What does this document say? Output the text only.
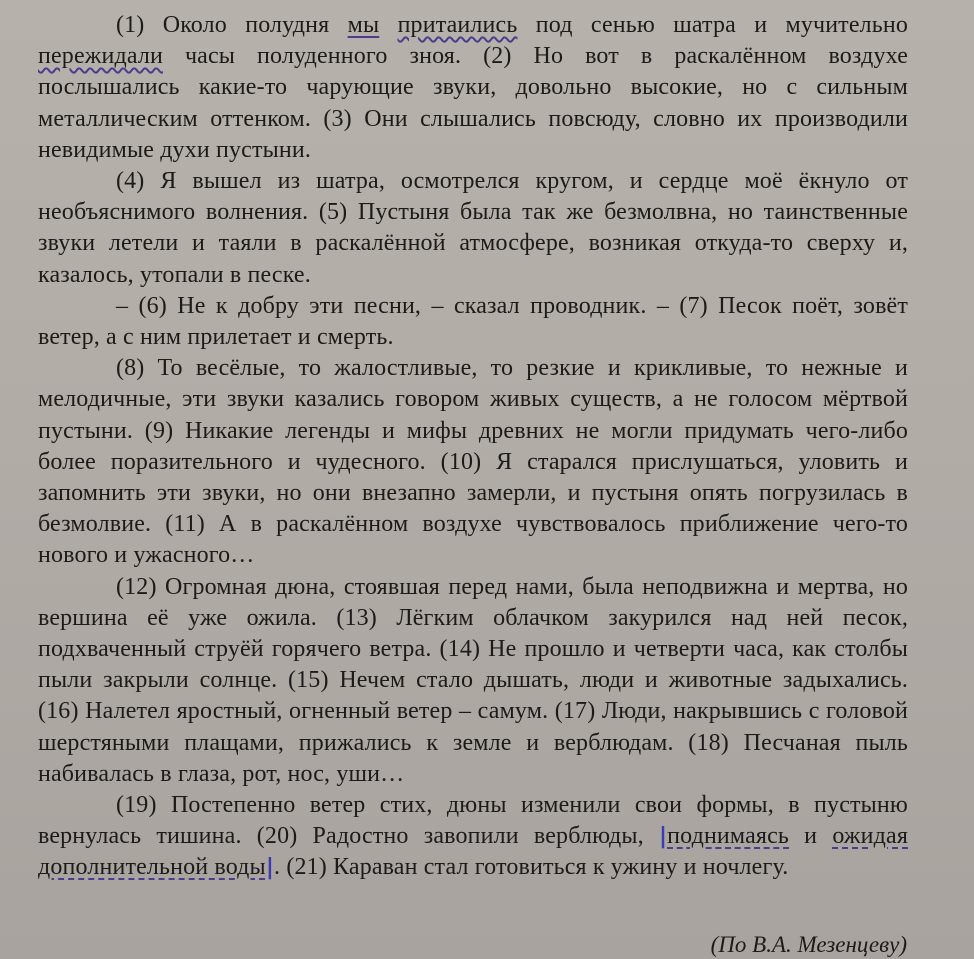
(1) Около полудня мы притаились под сенью шатра и мучительно пережидали часы полуденного зноя. (2) Но вот в раскалённом воздухе послышались какие-то чарующие звуки, довольно высокие, но с сильным металлическим оттенком. (3) Они слышались повсюду, словно их производили невидимые духи пустыни.

(4) Я вышел из шатра, осмотрелся кругом, и сердце моё ёкнуло от необъяснимого волнения. (5) Пустыня была так же безмолвна, но таинственные звуки летели и таяли в раскалённой атмосфере, возникая откуда-то сверху и, казалось, утопали в песке.

– (6) Не к добру эти песни, – сказал проводник. – (7) Песок поёт, зовёт ветер, а с ним прилетает и смерть.

(8) То весёлые, то жалостливые, то резкие и крикливые, то нежные и мелодичные, эти звуки казались говором живых существ, а не голосом мёртвой пустыни. (9) Никакие легенды и мифы древних не могли придумать чего-либо более поразительного и чудесного. (10) Я старался прислушаться, уловить и запомнить эти звуки, но они внезапно замерли, и пустыня опять погрузилась в безмолвие. (11) А в раскалённом воздухе чувствовалось приближение чего-то нового и ужасного…

(12) Огромная дюна, стоявшая перед нами, была неподвижна и мертва, но вершина её уже ожила. (13) Лёгким облачком закурился над ней песок, подхваченный струёй горячего ветра. (14) Не прошло и четверти часа, как столбы пыли закрыли солнце. (15) Нечем стало дышать, люди и животные задыхались. (16) Налетел яростный, огненный ветер – самум. (17) Люди, накрывшись с головой шерстяными плащами, прижались к земле и верблюдам. (18) Песчаная пыль набивалась в глаза, рот, нос, уши…

(19) Постепенно ветер стих, дюны изменили свои формы, в пустыню вернулась тишина. (20) Радостно завопили верблюды, |поднимаясь и ожидая дополнительной воды|. (21) Караван стал готовиться к ужину и ночлегу.

(По В.А. Мезенцеву)
